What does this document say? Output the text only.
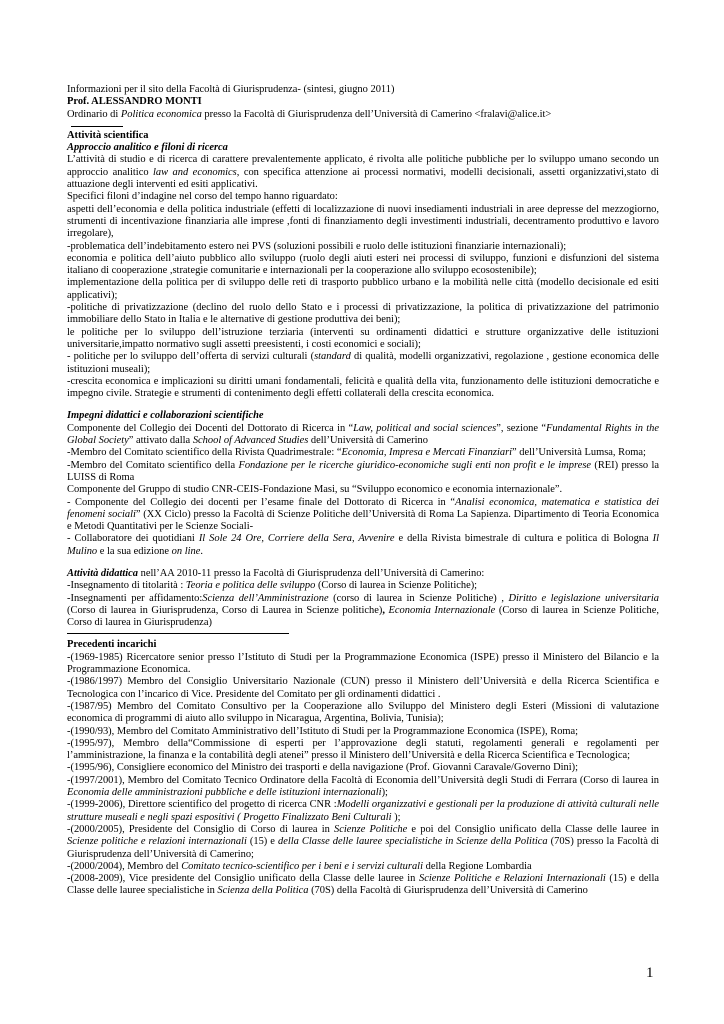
Informazioni per il sito della Facoltà di Giurisprudenza- (sintesi, giugno 2011)

Prof. ALESSANDRO MONTI

Ordinario di Politica economica presso la Facoltà di Giurisprudenza dell’Università di Camerino <fralavi@alice.it>

Attività scientifica

Approccio analitico e filoni di ricerca

L’attività di studio e di ricerca di carattere prevalentemente applicato, é rivolta alle politiche pubbliche per lo sviluppo umano secondo un approccio analitico law and economics, con specifica attenzione ai processi normativi, modelli decisionali, assetti organizzativi,stato di attuazione degli interventi ed esiti applicativi.

Specifici filoni d’indagine nel corso del tempo hanno riguardato:

aspetti dell’economia e della politica industriale (effetti di localizzazione di nuovi insediamenti industriali in aree depresse del mezzogiorno, strumenti di incentivazione finanziaria alle imprese ,fonti di finanziamento degli investimenti industriali, decentramento produttivo e lavoro irregolare),

-problematica dell’indebitamento estero nei PVS (soluzioni possibili e ruolo delle istituzioni finanziarie internazionali);

economia e politica dell’aiuto pubblico allo sviluppo (ruolo degli aiuti esteri nei processi di sviluppo, funzioni e disfunzioni del sistema italiano di cooperazione ,strategie comunitarie e internazionali per la cooperazione allo sviluppo ecosostenibile);

implementazione della politica per di sviluppo delle reti di trasporto pubblico urbano e la mobilità nelle città (modello decisionale ed esiti applicativi);

-politiche di privatizzazione (declino del ruolo dello Stato e i processi di privatizzazione, la politica di privatizzazione del patrimonio immobiliare dello Stato in Italia e le alternative di gestione produttiva dei beni);

le politiche per lo sviluppo dell’istruzione terziaria (interventi su ordinamenti didattici e strutture organizzative delle istituzioni universitarie,impatto normativo sugli assetti preesistenti, i costi economici e sociali);

- politiche per lo sviluppo dell’offerta di servizi culturali (standard di qualità, modelli organizzativi, regolazione , gestione economica delle istituzioni museali);

-crescita economica e implicazioni su diritti umani fondamentali, felicità e qualità della vita, funzionamento delle istituzioni democratiche e impegno civile. Strategie e strumenti di contenimento degli effetti collaterali della crescita economica.

Impegni didattici e collaborazioni scientifiche

Componente del Collegio dei Docenti del Dottorato di Ricerca in “Law, political and social sciences”, sezione “Fundamental Rights in the Global Society” attivato dalla School of Advanced Studies dell’Università di Camerino

-Membro del Comitato scientifico della Rivista Quadrimestrale: “Economia, Impresa e Mercati Finanziari” dell’Università Lumsa, Roma;

-Membro del Comitato scientifico della Fondazione per le ricerche giuridico-economiche sugli enti non profit e le imprese (REI) presso la LUISS di Roma

Componente del Gruppo di studio CNR-CEIS-Fondazione Masi, su “Sviluppo economico e economia internazionale”.

- Componente del Collegio dei docenti per l’esame finale del Dottorato di Ricerca in “Analisi economica, matematica e statistica dei fenomeni sociali” (XX Ciclo) presso la Facoltà di Scienze Politiche dell’Università di Roma La Sapienza. Dipartimento di Teoria Economica e Metodi Quantitativi per le Scienze Sociali-

- Collaboratore dei quotidiani Il Sole 24 Ore, Corriere della Sera, Avvenire e della Rivista bimestrale di cultura e politica di Bologna Il Mulino e la sua edizione on line.

Attività didattica nell’AA 2010-11 presso la Facoltà di Giurisprudenza dell’Università di Camerino:

-Insegnamento di titolarità : Teoria e politica delle sviluppo (Corso di laurea in Scienze Politiche);

-Insegnamenti per affidamento:Scienza dell’Amministrazione (corso di laurea in Scienze Politiche) , Diritto e legislazione universitaria (Corso di laurea in Giurisprudenza, Corso di Laurea in Scienze politiche), Economia Internazionale (Corso di laurea in Scienze Politiche, Corso di laurea in Giurisprudenza)

Precedenti incarichi

-(1969-1985) Ricercatore senior presso l’Istituto di Studi per la Programmazione Economica (ISPE) presso il Ministero del Bilancio e la Programmazione Economica.

-(1986/1997) Membro del Consiglio Universitario Nazionale (CUN) presso il Ministero dell’Università e della Ricerca Scientifica e Tecnologica con l’incarico di Vice. Presidente del Comitato per gli ordinamenti didattici .

-(1987/95) Membro del Comitato Consultivo per la Cooperazione allo Sviluppo del Ministero degli Esteri (Missioni di valutazione economica di programmi di aiuto allo sviluppo in Nicaragua, Argentina, Bolivia, Tunisia);

-(1990/93), Membro del Comitato Amministrativo dell’Istituto di Studi per la Programmazione Economica (ISPE), Roma;

-(1995/97), Membro della“Commissione di esperti per l’approvazione degli statuti, regolamenti generali e regolamenti per l’amministrazione, la finanza e la contabilità degli atenei” presso il Ministero dell’Università e della Ricerca Scientifica e Tecnologica;

-(1995/96), Consigliere economico del Ministro dei trasporti e della navigazione (Prof. Giovanni Caravale/Governo Dini);

-(1997/2001), Membro del Comitato Tecnico Ordinatore della Facoltà di Economia dell’Università degli Studi di Ferrara (Corso di laurea in Economia delle amministrazioni pubbliche e delle istituzioni internazionali);

-(1999-2006), Direttore scientifico del progetto di ricerca CNR :Modelli organizzativi e gestionali per la produzione di attività culturali nelle strutture museali e negli spazi espositivi ( Progetto Finalizzato Beni Culturali );

-(2000/2005), Presidente del Consiglio di Corso di laurea in Scienze Politiche e poi del Consiglio unificato della Classe delle lauree in Scienze politiche e relazioni internazionali (15) e della Classe delle lauree specialistiche in Scienze della Politica (70S) presso la Facoltà di Giurisprudenza dell’Università di Camerino;

-(2000/2004), Membro del Comitato tecnico-scientifico per i beni e i servizi culturali della Regione Lombardia

-(2008-2009), Vice presidente del Consiglio unificato della Classe delle lauree in Scienze Politiche e Relazioni Internazionali (15) e della Classe delle lauree specialistiche in Scienza della Politica (70S) della Facoltà di Giurisprudenza dell’Università di Camerino

1
